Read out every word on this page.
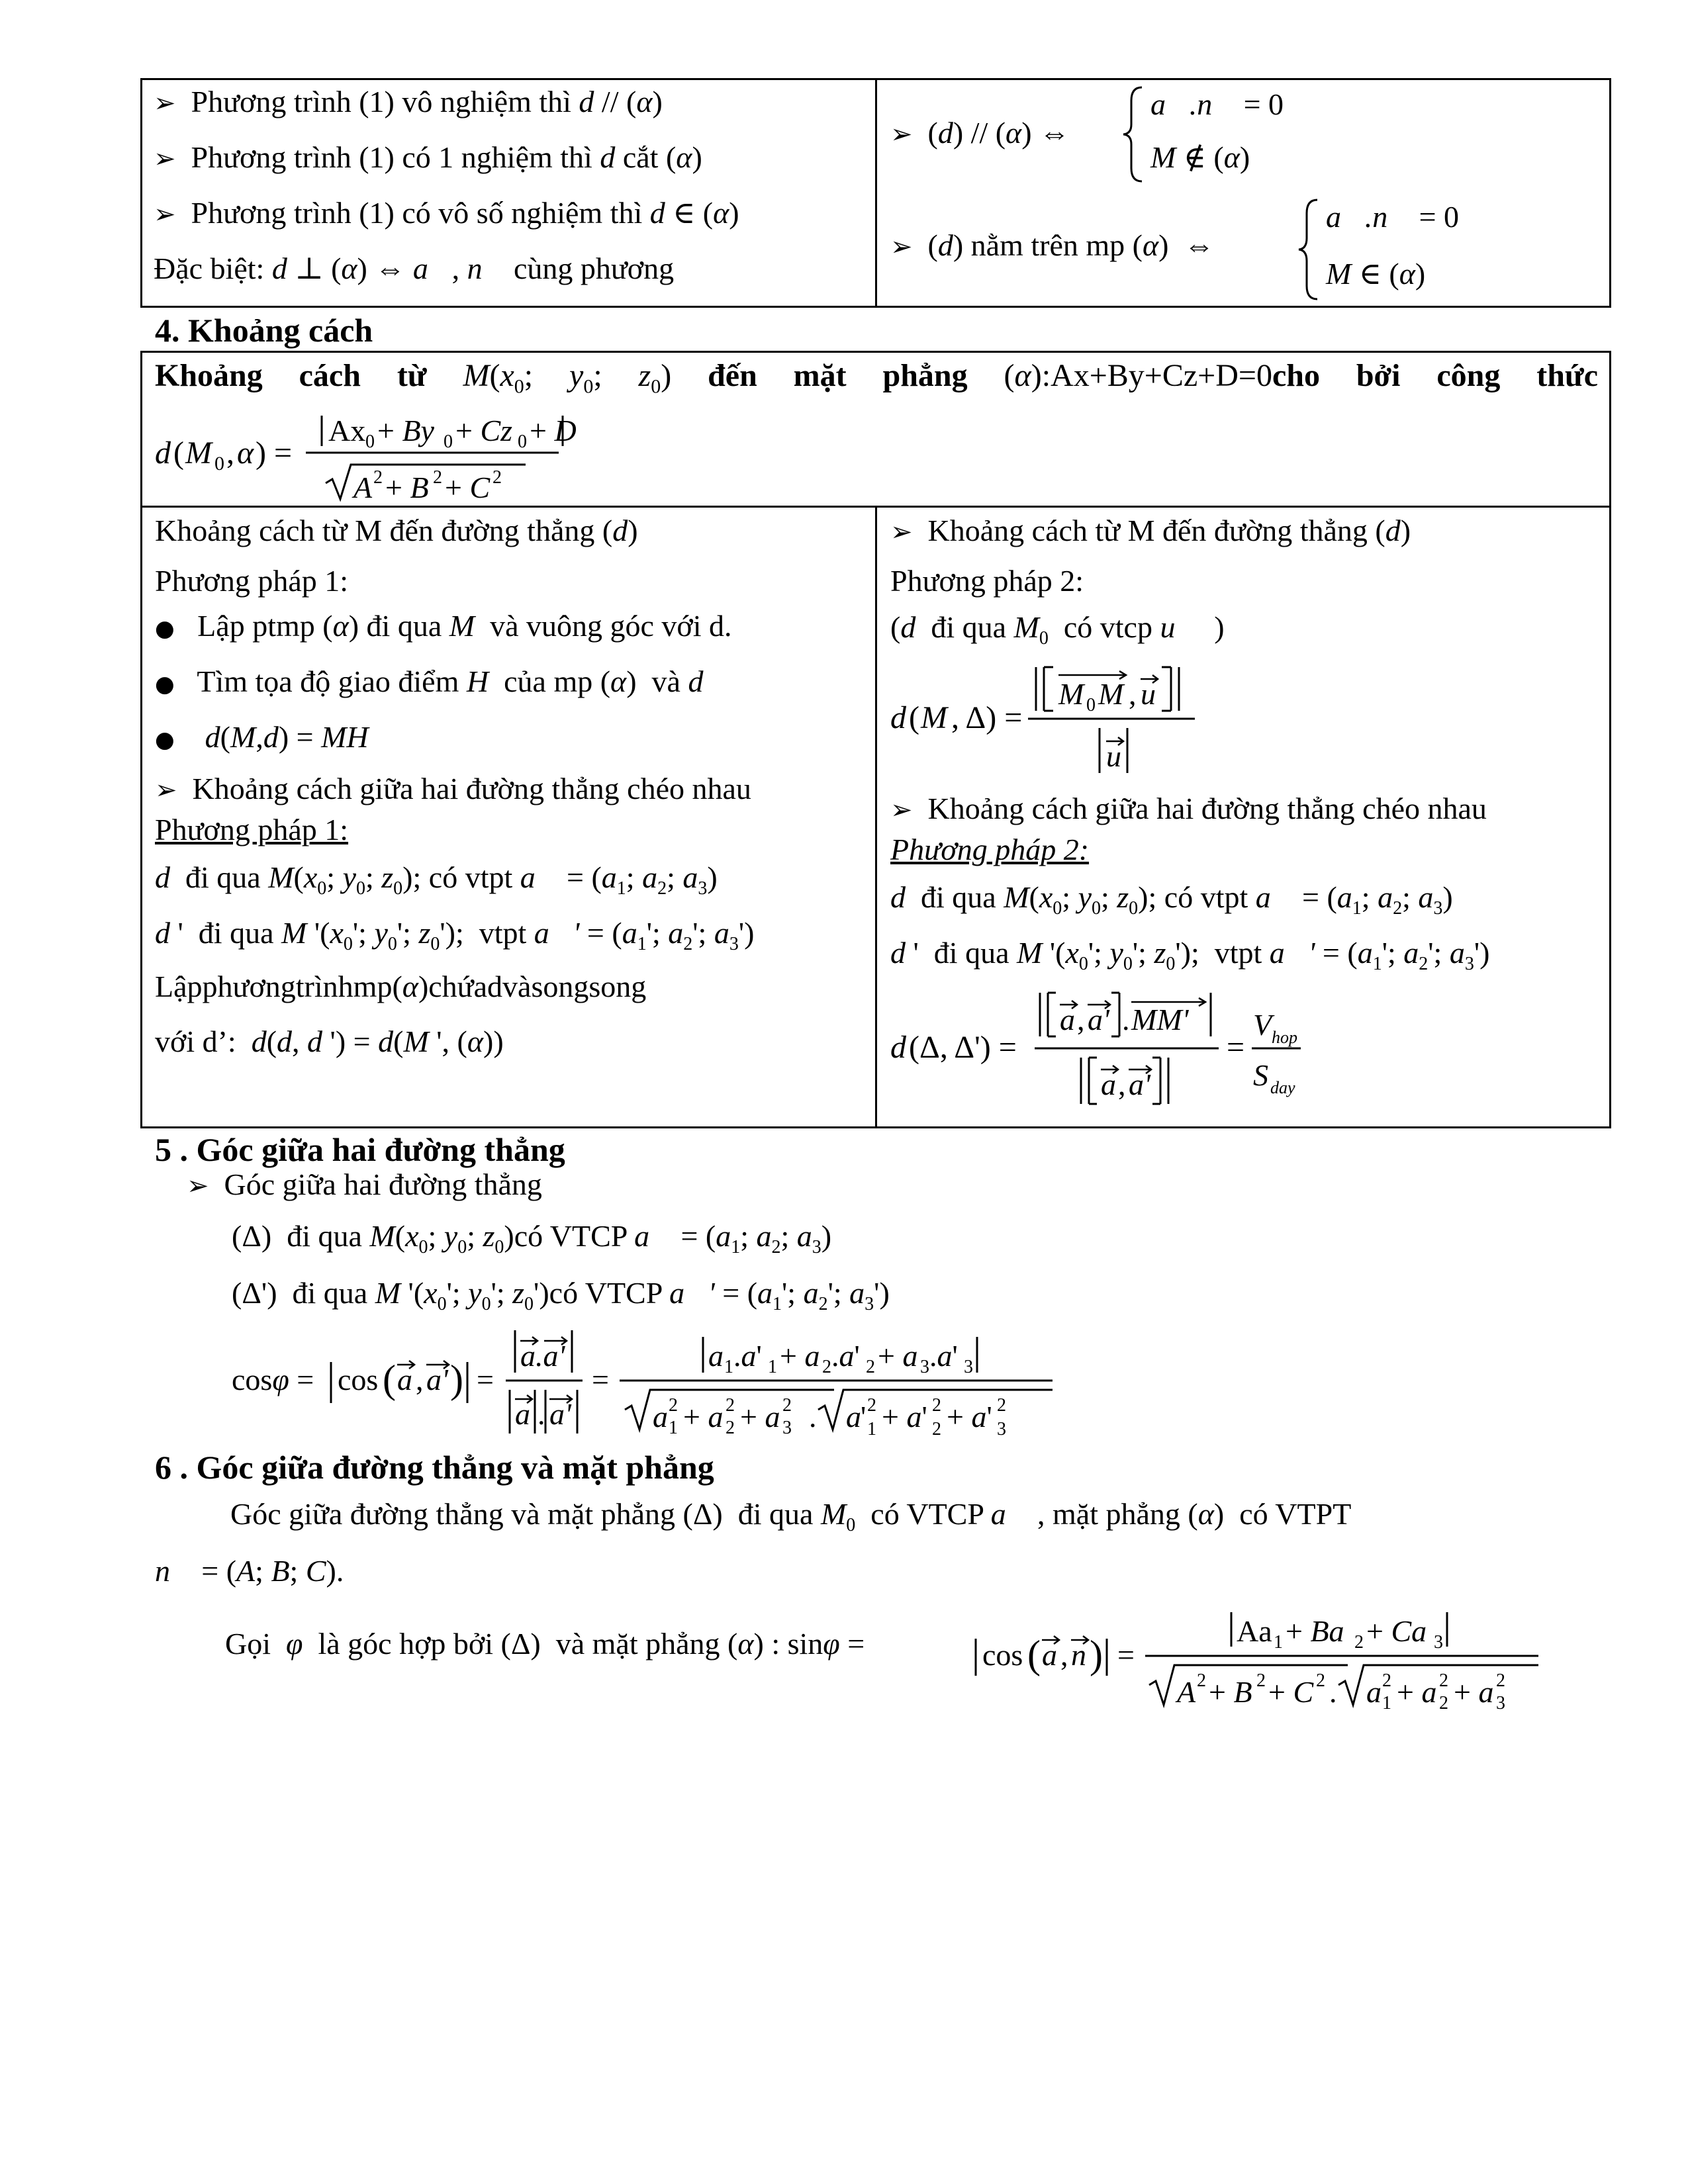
➢  Phương trình (1) vô nghiệm thì d // (α)
➢  Phương trình (1) có 1 nghiệm thì d cắt (α)
➢  Phương trình (1) có vô số nghiệm thì d ∈ (α)
Đặc biệt: d ⊥ (α) ⇔ a⃗, n⃗ cùng phương
➢  (d) // (α) ⇔
a⃗.n⃗ = 0
M ∉ (α)
➢  (d) nằm trên mp (α)  ⇔
a⃗.n⃗ = 0
M ∈ (α)
4. Khoảng cách
Khoảng cách từ $M(x_0$; $y_0$; $z_0$) đến mặt phẳng (α):Ax+By+Cz+D=0cho bởi công thức
d ( M 0 , α ) =
Ax 0 + By 0 + Cz 0 + D
A 2 + B 2 + C 2
Khoảng cách từ M đến đường thẳng (d)
Phương pháp 1:
●   Lập ptmp (α) đi qua M  và vuông góc với d.
●   Tìm tọa độ giao điểm H  của mp (α)  và d
● d(M,d) = MH
➢ Khoảng cách giữa hai đường thẳng chéo nhau
Phương pháp 1:
d  đi qua $M(x_0$; $y_0$; $z_0$); có vtpt a⃗ = ($a_1$; $a_2$; $a_3$)
d '  đi qua M '($x_0'$; $y_0'$; $z_0'$);  vtpt a⃗' = ($a_1'$; $a_2'$; $a_3'$)
Lậpphươngtrìnhmp(α)chứadvàsongsong
với d’:  d(d, d ') = d(M ', (α))
➢  Khoảng cách từ M đến đường thẳng (d)
Phương pháp 2:
(d  đi qua $M_0$  có vtcp u⃗  )
d ( M , Δ) =
M 0 M , u
u
➢ Khoảng cách giữa hai đường thẳng chéo nhau
Phương pháp 2:
d  đi qua $M(x_0$; $y_0$; $z_0$); có vtpt a⃗ = ($a_1$; $a_2$; $a_3$)
d '  đi qua M '($x_0'$; $y_0'$; $z_0'$);  vtpt a⃗' = ($a_1'$; $a_2'$; $a_3'$)
d (Δ, Δ') =
a , a' . MM'
a , a'
=
V hop
S day
5 . Góc giữa hai đường thẳng
➢ Góc giữa hai đường thẳng
(Δ)  đi qua $M(x_0$; $y_0$; $z_0)có$ VTCP a⃗ = ($a_1$; $a_2$; $a_3$)
(Δ')  đi qua M '($x_0'$; $y_0'$; $z_0')có$ VTCP a⃗' = ($a_1'$; $a_2'$; $a_3'$)
cosφ = cos ( a , a' ) =
a.a'
a . a'
=
a 1 .a' 1 + a 2 .a' 2 + a 3 .a' 3
a 1
2 + a 2
2 + a 3
2 . a ' 1
2 + a' 2
2 + a' 3
2
6 . Góc giữa đường thẳng và mặt phẳng
Góc giữa đường thẳng và mặt phẳng (Δ)  đi qua $M_0$  có VTCP a⃗ , mặt phẳng (α)  có VTPT
n⃗ = (A; B; C).
Gọi  φ  là góc hợp bởi (Δ)  và mặt phẳng (α) : sinφ =	cos ( a , n ) =
Aa 1 + Ba 2 + Ca 3
A 2 + B 2 + C 2 . a 1
2 + a 2
2 + a 3
2
